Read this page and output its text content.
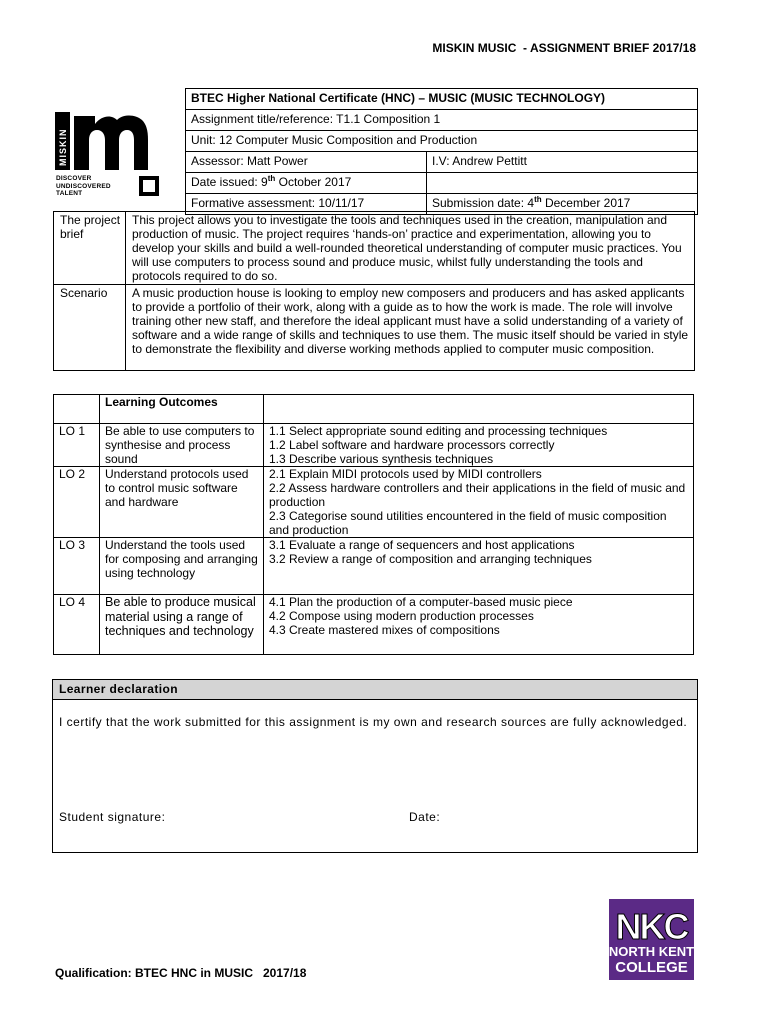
MISKIN MUSIC  - ASSIGNMENT BRIEF 2017/18
MISKIN
DISCOVER
UNDISCOVERED
TALENT
BTEC Higher National Certificate (HNC) – MUSIC (MUSIC TECHNOLOGY)	
Assignment title/reference: T1.1 Composition 1	
Unit: 12 Computer Music Composition and Production	
Assessor: Matt Power	I.V: Andrew Pettitt
Date issued: 9th October 2017	
Formative assessment: 10/11/17	Submission date: 4th December 2017
The project brief	This project allows you to investigate the tools and techniques used in the creation, manipulation and production of music. The project requires ‘hands-on’ practice and experimentation, allowing you to develop your skills and build a well-rounded theoretical understanding of computer music practices. You will use computers to process sound and produce music, whilst fully understanding the tools and protocols required to do so.
Scenario	A music production house is looking to employ new composers and producers and has asked applicants to provide a portfolio of their work, along with a guide as to how the work is made. The role will involve training other new staff, and therefore the ideal applicant must have a solid understanding of a variety of software and a wide range of skills and techniques to use them. The music itself should be varied in style to demonstrate the flexibility and diverse working methods applied to computer music composition.
	Learning Outcomes	
LO 1	Be able to use computers to synthesise and process sound	1.1 Select appropriate sound editing and processing techniques
1.2 Label software and hardware processors correctly
1.3 Describe various synthesis techniques

LO 2	Understand protocols used to control music software and hardware	2.1 Explain MIDI protocols used by MIDI controllers
2.2 Assess hardware controllers and their applications in the field of music and production
2.3 Categorise sound utilities encountered in the field of music composition and production

LO 3	Understand the tools used for composing and arranging using technology	3.1 Evaluate a range of sequencers and host applications
3.2 Review a range of composition and arranging techniques

LO 4	Be able to produce musical material using a range of techniques and technology	4.1 Plan the production of a computer-based music piece
4.2 Compose using modern production processes
4.3 Create mastered mixes of compositions
Learner declaration
I certify that the work submitted for this assignment is my own and research sources are fully acknowledged.
Student signature:	Date:
NKC
NORTH KENT
COLLEGE
Qualification: BTEC HNC in MUSIC   2017/18
